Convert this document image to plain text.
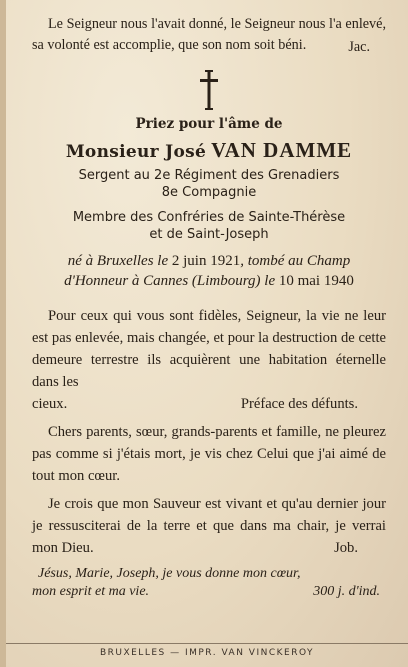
Le Seigneur nous l'avait donné, le Seigneur nous l'a enlevé, sa volonté est accomplie, que son nom soit béni.	Jac.

Priez pour l'âme de

Monsieur José VAN DAMME

Sergent au 2e Régiment des Grenadiers

8e Compagnie

Membre des Confréries de Sainte-Thérèse

et de Saint-Joseph

né à Bruxelles le 2 juin 1921, tombé au Champ
d'Honneur à Cannes (Limbourg) le 10 mai 1940

Pour ceux qui vous sont fidèles, Seigneur, la vie ne leur est pas enlevée, mais changée, et pour la destruction de cette demeure terrestre ils acquièrent une habitation éternelle dans les

cieux.	Préface des défunts.

Chers parents, sœur, grands-parents et famille, ne pleurez pas comme si j'étais mort, je vis chez Celui que j'ai aimé de tout mon cœur.

Je crois que mon Sauveur est vivant et qu'au dernier jour je ressusciterai de la terre et que dans ma chair, je verrai mon Dieu.	Job.

Jésus, Marie, Joseph, je vous donne mon cœur,

mon esprit et ma vie.	300 j. d'ind.
BRUXELLES — IMPR. VAN VINCKEROY
